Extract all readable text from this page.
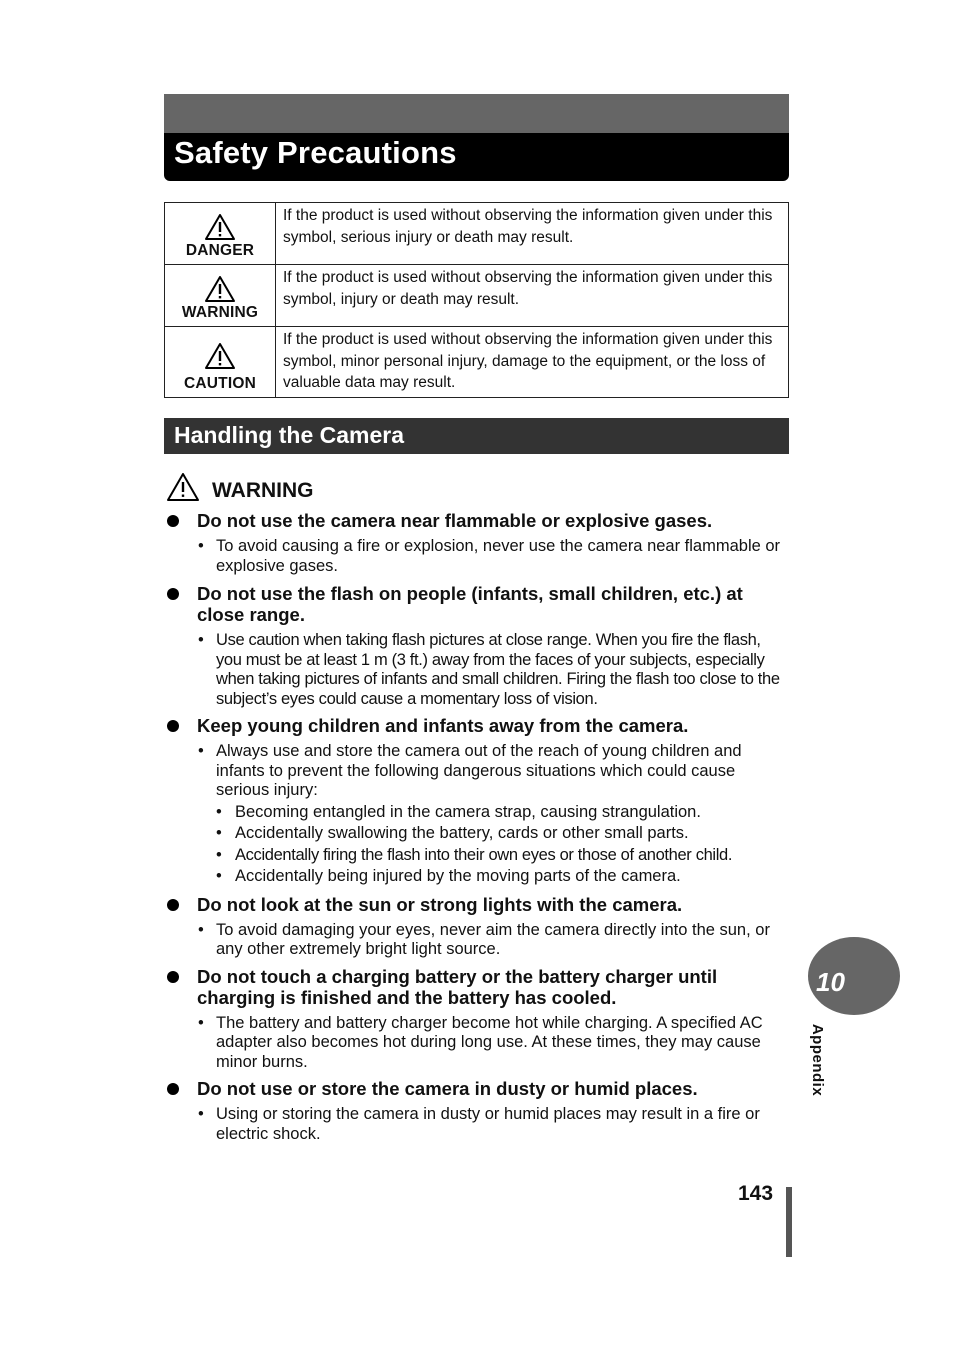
Safety Precautions
DANGER	If the product is used without observing the information given under this symbol, serious injury or death may result.

WARNING	If the product is used without observing the information given under this symbol, injury or death may result.

CAUTION	If the product is used without observing the information given under this symbol, minor personal injury, damage to the equipment, or the loss of valuable data may result.
Handling the Camera
WARNING
Do not use the camera near flammable or explosive gases.
• To avoid causing a fire or explosion, never use the camera near flammable or explosive gases.
Do not use the flash on people (infants, small children, etc.) at close range.
• Use caution when taking flash pictures at close range. When you fire the flash, you must be at least 1 m (3 ft.) away from the faces of your subjects, especially when taking pictures of infants and small children. Firing the flash too close to the subject’s eyes could cause a momentary loss of vision.
Keep young children and infants away from the camera.
• Always use and store the camera out of the reach of young children and infants to prevent the following dangerous situations which could cause serious injury:
• Becoming entangled in the camera strap, causing strangulation.
• Accidentally swallowing the battery, cards or other small parts.
• Accidentally firing the flash into their own eyes or those of another child.
• Accidentally being injured by the moving parts of the camera.
Do not look at the sun or strong lights with the camera.
• To avoid damaging your eyes, never aim the camera directly into the sun, or any other extremely bright light source.
Do not touch a charging battery or the battery charger until charging is finished and the battery has cooled.
• The battery and battery charger become hot while charging. A specified AC adapter also becomes hot during long use. At these times, they may cause minor burns.
Do not use or store the camera in dusty or humid places.
• Using or storing the camera in dusty or humid places may result in a fire or electric shock.
10
Appendix
143
